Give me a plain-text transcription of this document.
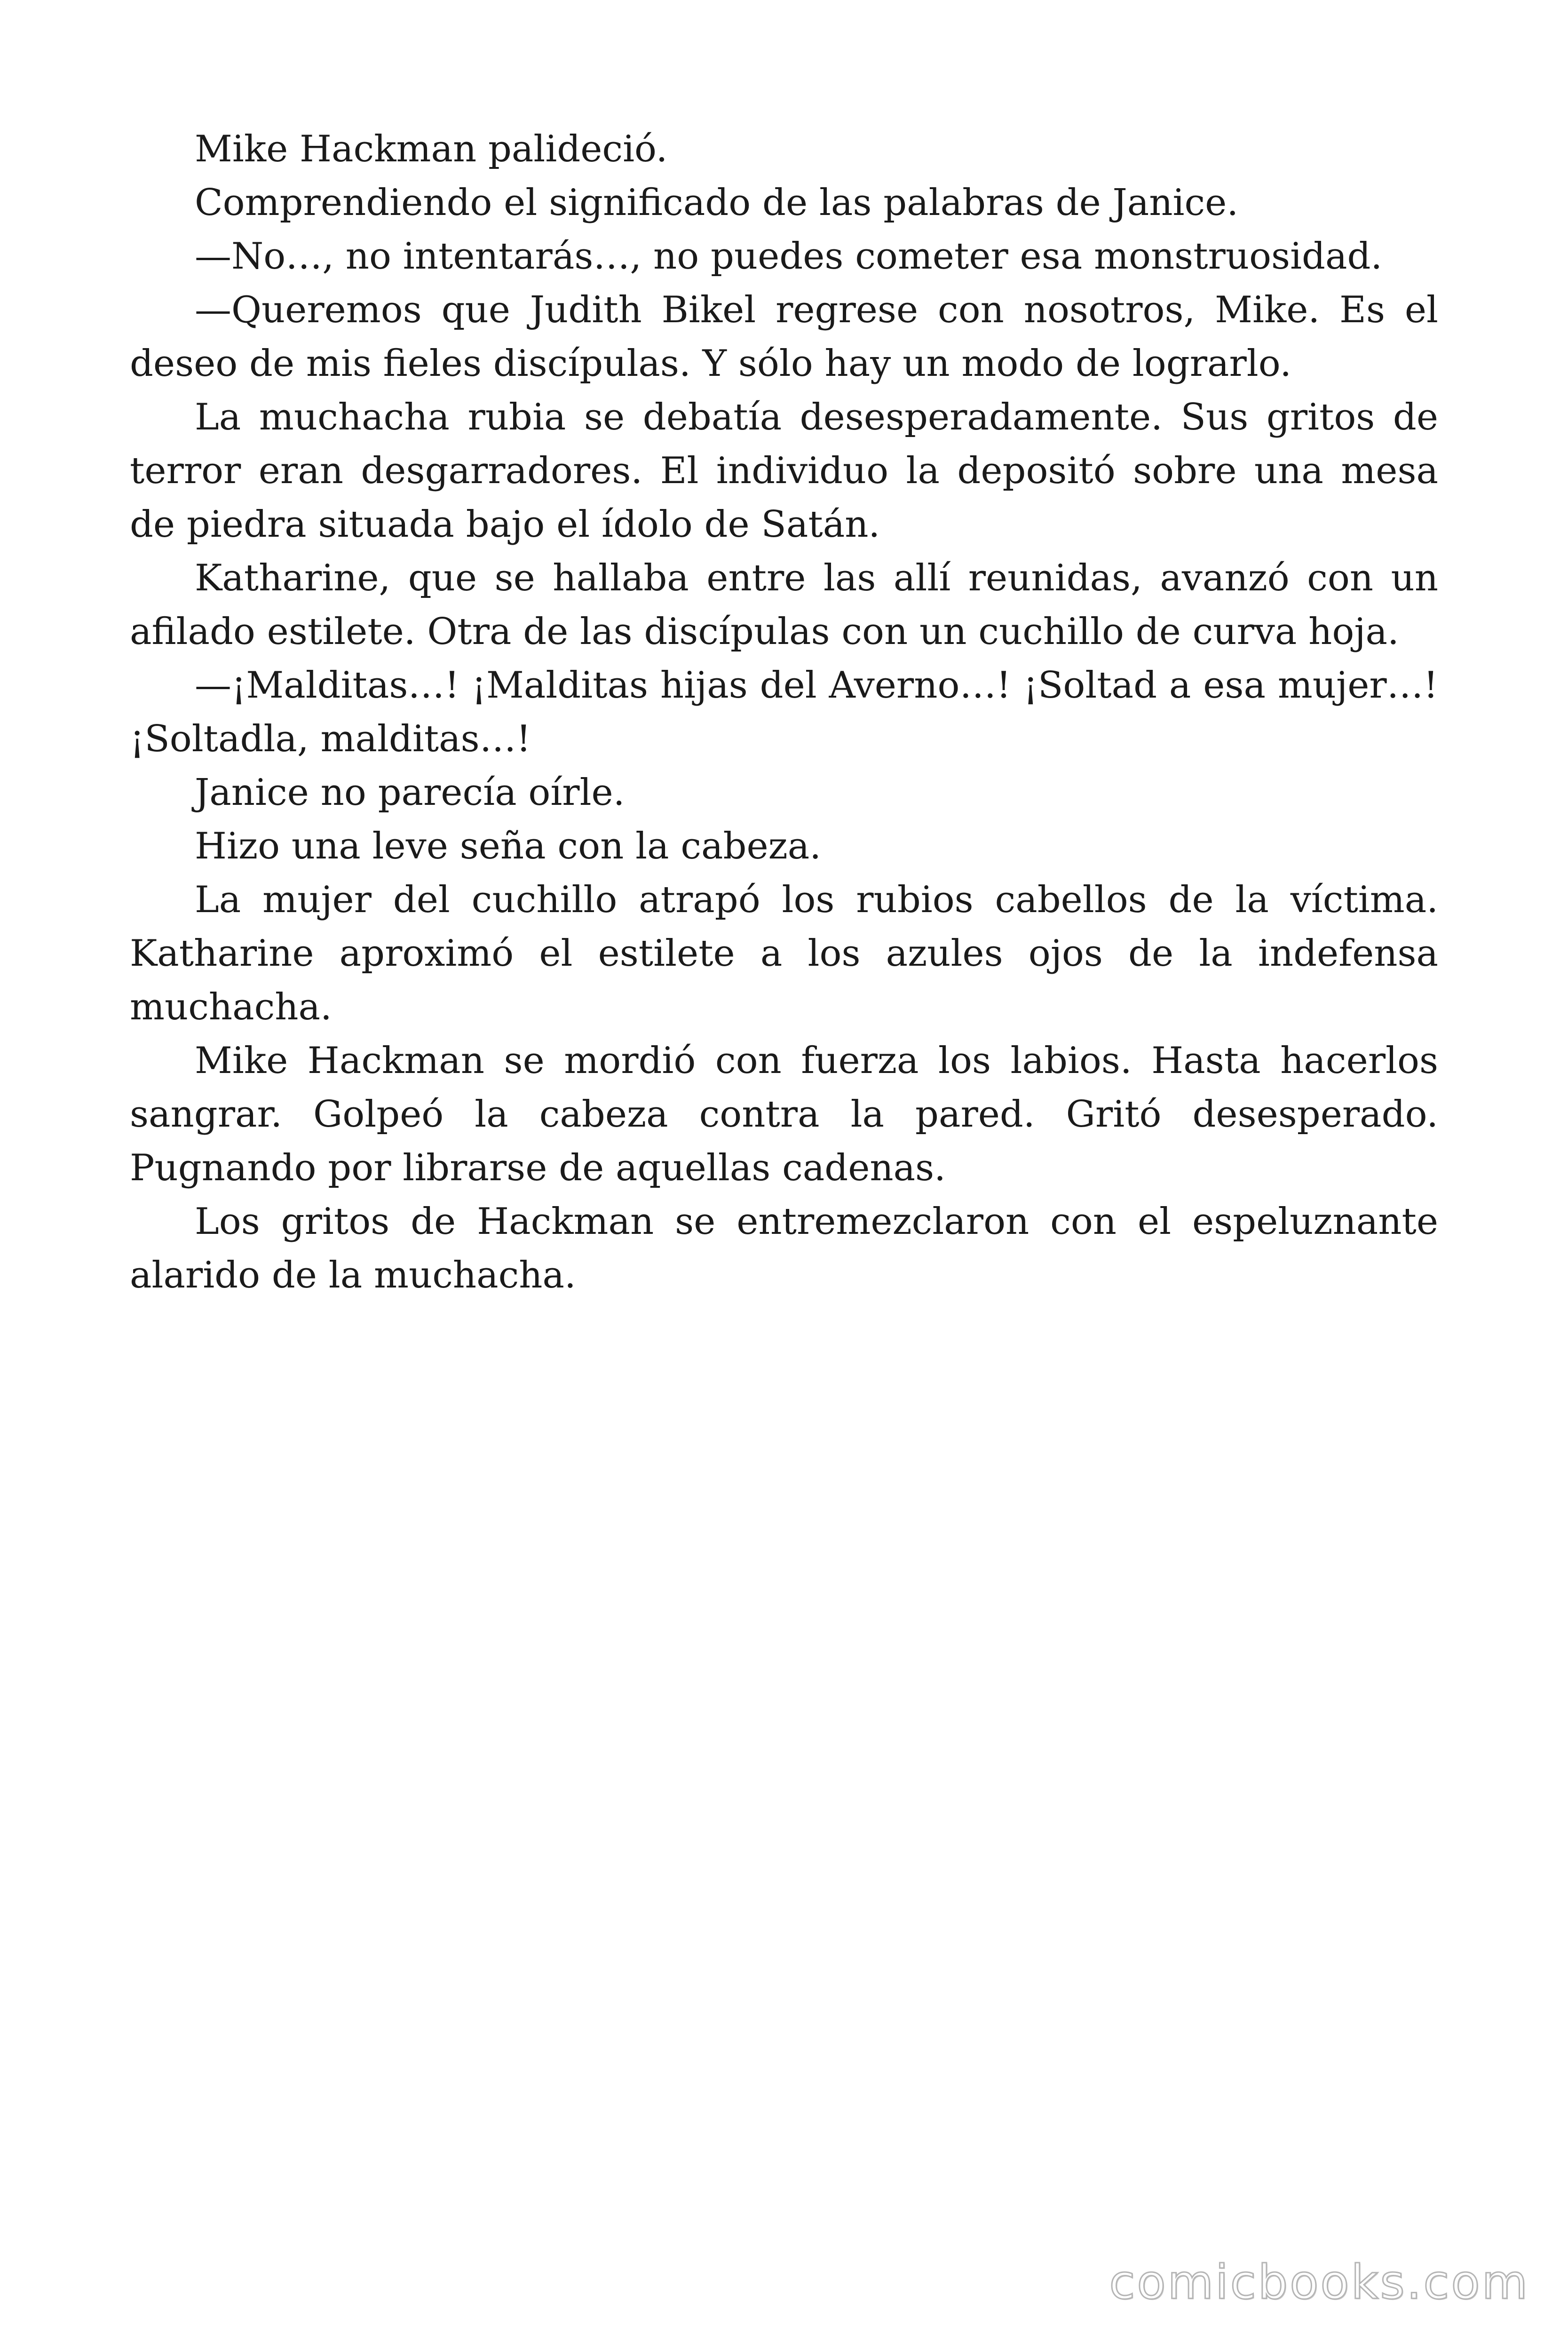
Mike Hackman palideció.

Comprendiendo el significado de las palabras de Janice.

—No…, no intentarás…, no puedes cometer esa monstruosidad.

—Queremos que Judith Bikel regrese con nosotros, Mike. Es el deseo de mis fieles discípulas. Y sólo hay un modo de lograrlo.

La muchacha rubia se debatía desesperadamente. Sus gritos de terror eran desgarradores. El individuo la depositó sobre una mesa de piedra situada bajo el ídolo de Satán.

Katharine, que se hallaba entre las allí reunidas, avanzó con un afilado estilete. Otra de las discípulas con un cuchillo de curva hoja.

—¡Malditas…! ¡Malditas hijas del Averno…! ¡Soltad a esa mujer…! ¡Soltadla, malditas…!

Janice no parecía oírle.

Hizo una leve seña con la cabeza.

La mujer del cuchillo atrapó los rubios cabellos de la víctima. Katharine aproximó el estilete a los azules ojos de la indefensa muchacha.

Mike Hackman se mordió con fuerza los labios. Hasta hacerlos sangrar. Golpeó la cabeza contra la pared. Gritó desesperado. Pugnando por librarse de aquellas cadenas.

Los gritos de Hackman se entremezclaron con el espeluznante alarido de la muchacha.

comicbooks.com
